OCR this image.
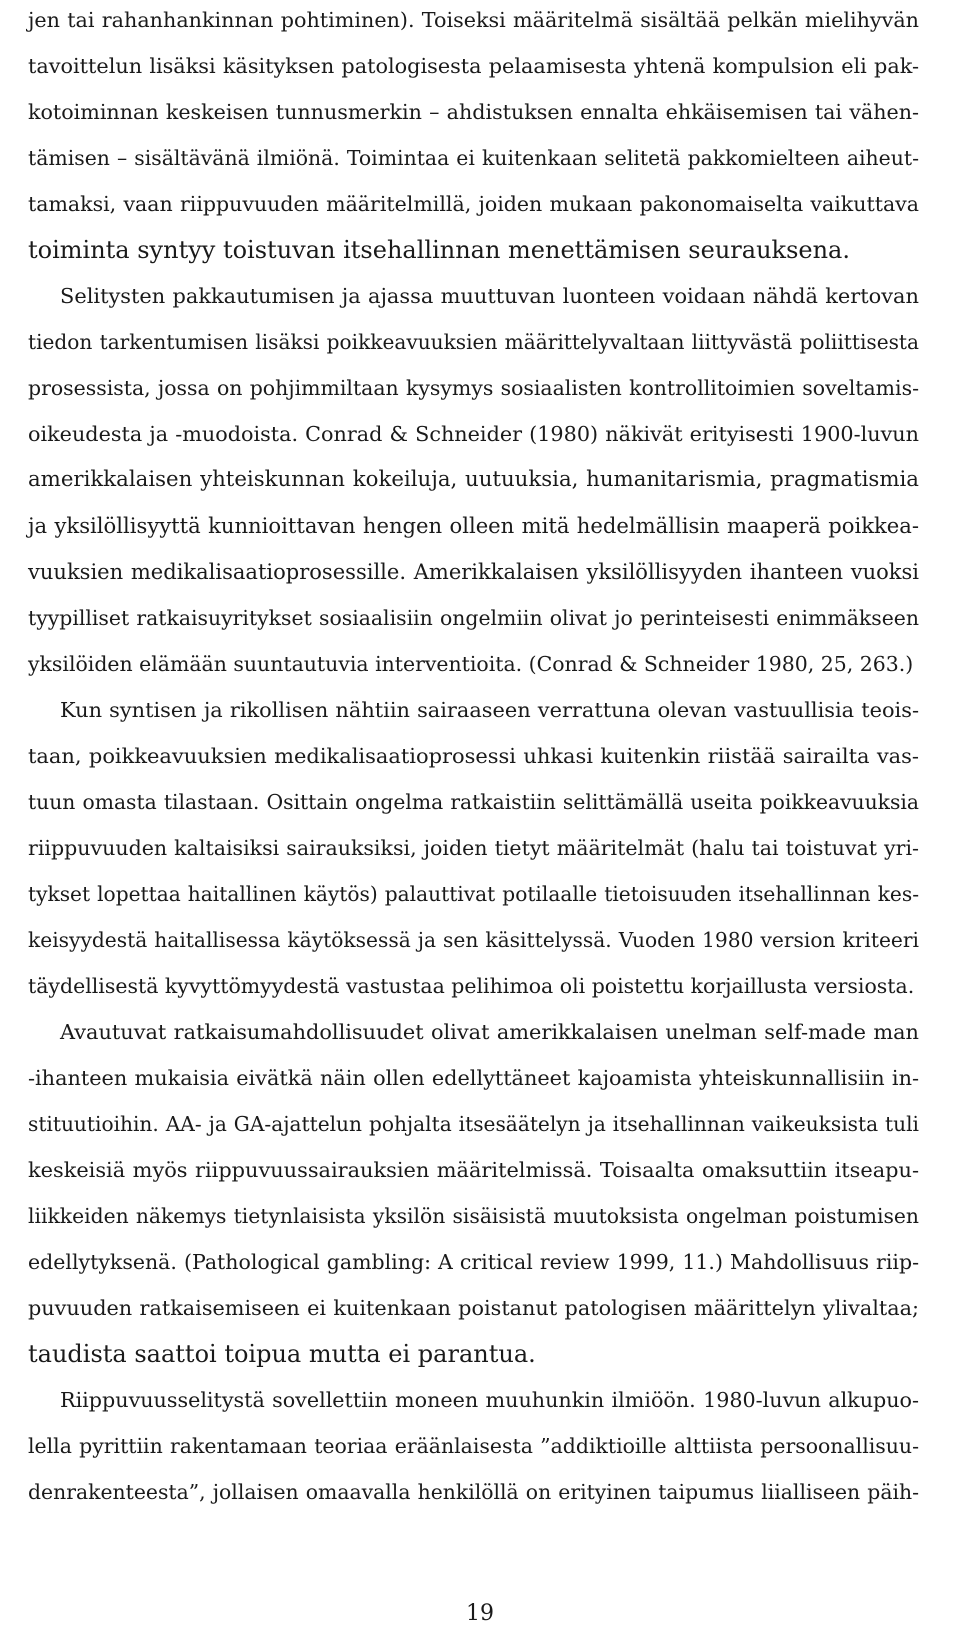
jen tai rahanhankinnan pohtiminen). Toiseksi määritelmä sisältää pelkän mielihyvän
tavoittelun lisäksi käsityksen patologisesta pelaamisesta yhtenä kompulsion eli pak-
kotoiminnan keskeisen tunnusmerkin – ahdistuksen ennalta ehkäisemisen tai vähen-
tämisen – sisältävänä ilmiönä. Toimintaa ei kuitenkaan selitetä pakkomielteen aiheut-
tamaksi, vaan riippuvuuden määritelmillä, joiden mukaan pakonomaiselta vaikuttava
toiminta syntyy toistuvan itsehallinnan menettämisen seurauksena.
Selitysten pakkautumisen ja ajassa muuttuvan luonteen voidaan nähdä kertovan
tiedon tarkentumisen lisäksi poikkeavuuksien määrittelyvaltaan liittyvästä poliittisesta
prosessista, jossa on pohjimmiltaan kysymys sosiaalisten kontrollitoimien soveltamis-
oikeudesta ja -muodoista. Conrad & Schneider (1980) näkivät erityisesti 1900-luvun
amerikkalaisen yhteiskunnan kokeiluja, uutuuksia, humanitarismia, pragmatismia
ja yksilöllisyyttä kunnioittavan hengen olleen mitä hedelmällisin maaperä poikkea-
vuuksien medikalisaatioprosessille. Amerikkalaisen yksilöllisyyden ihanteen vuoksi
tyypilliset ratkaisuyritykset sosiaalisiin ongelmiin olivat jo perinteisesti enimmäkseen
yksilöiden elämään suuntautuvia interventioita. (Conrad & Schneider 1980, 25, 263.)
Kun syntisen ja rikollisen nähtiin sairaaseen verrattuna olevan vastuullisia teois-
taan, poikkeavuuksien medikalisaatioprosessi uhkasi kuitenkin riistää sairailta vas-
tuun omasta tilastaan. Osittain ongelma ratkaistiin selittämällä useita poikkeavuuksia
riippuvuuden kaltaisiksi sairauksiksi, joiden tietyt määritelmät (halu tai toistuvat yri-
tykset lopettaa haitallinen käytös) palauttivat potilaalle tietoisuuden itsehallinnan kes-
keisyydestä haitallisessa käytöksessä ja sen käsittelyssä. Vuoden 1980 version kriteeri
täydellisestä kyvyttömyydestä vastustaa pelihimoa oli poistettu korjaillusta versiosta.
Avautuvat ratkaisumahdollisuudet olivat amerikkalaisen unelman self-made man
-ihanteen mukaisia eivätkä näin ollen edellyttäneet kajoamista yhteiskunnallisiin in-
stituutioihin. AA- ja GA-ajattelun pohjalta itsesäätelyn ja itsehallinnan vaikeuksista tuli
keskeisiä myös riippuvuussairauksien määritelmissä. Toisaalta omaksuttiin itseapu-
liikkeiden näkemys tietynlaisista yksilön sisäisistä muutoksista ongelman poistumisen
edellytyksenä. (Pathological gambling: A critical review 1999, 11.) Mahdollisuus riip-
puvuuden ratkaisemiseen ei kuitenkaan poistanut patologisen määrittelyn ylivaltaa;
taudista saattoi toipua mutta ei parantua.
Riippuvuusselitystä sovellettiin moneen muuhunkin ilmiöön. 1980-luvun alkupuo-
lella pyrittiin rakentamaan teoriaa eräänlaisesta ”addiktioille alttiista persoonallisuu-
denrakenteesta”, jollaisen omaavalla henkilöllä on erityinen taipumus liialliseen päih-
19
